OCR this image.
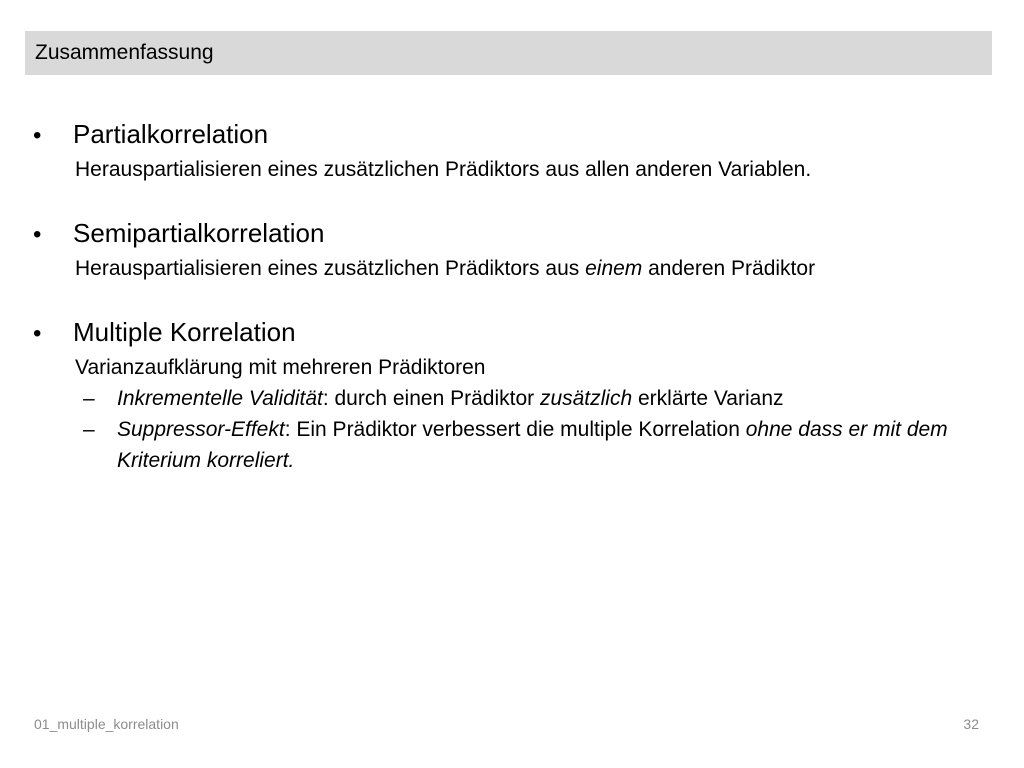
Zusammenfassung
•	Partialkorrelation
Herauspartialisieren eines zusätzlichen Prädiktors aus allen anderen Variablen.
•	Semipartialkorrelation
Herauspartialisieren eines zusätzlichen Prädiktors aus einem anderen Prädiktor
•	Multiple Korrelation
Varianzaufklärung mit mehreren Prädiktoren
–	Inkrementelle Validität: durch einen Prädiktor zusätzlich erklärte Varianz
–	Suppressor-Effekt: Ein Prädiktor verbessert die multiple Korrelation ohne dass er mit dem Kriterium korreliert.
01_multiple_korrelation	32
